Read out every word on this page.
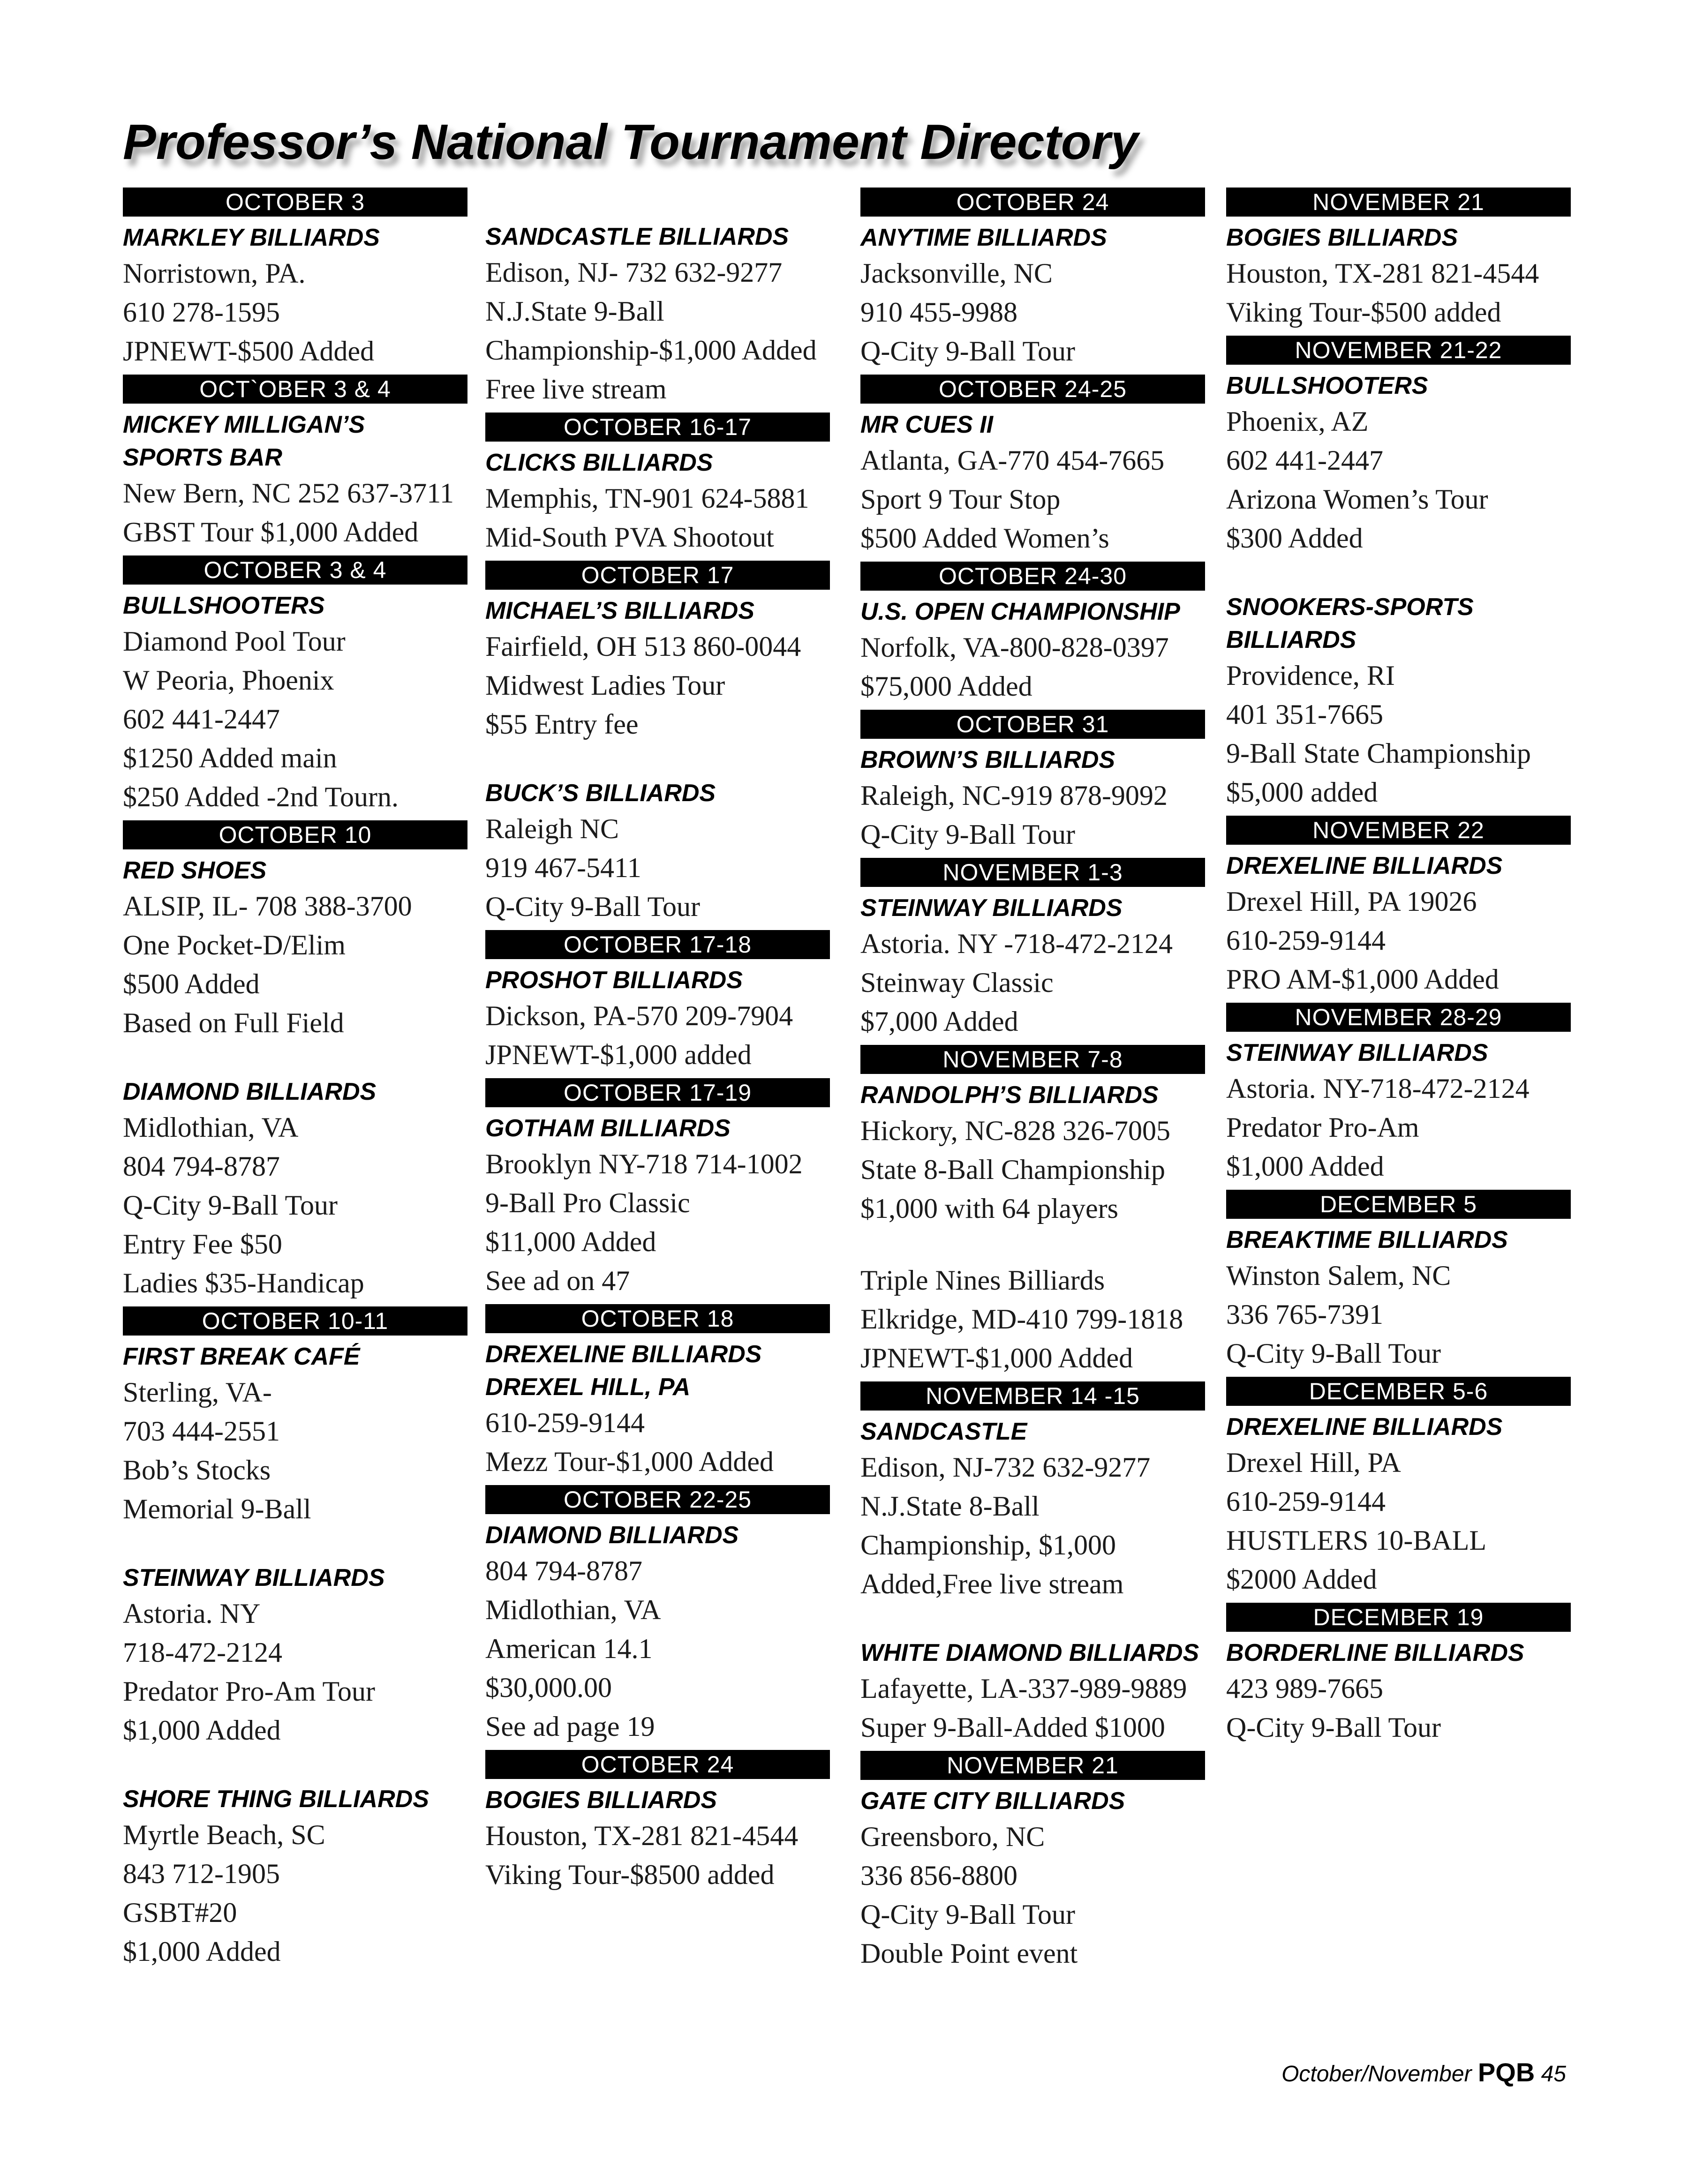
Professor’s National Tournament Directory
OCTOBER 3

MARKLEY BILLIARDS

Norristown, PA.

610 278-1595

JPNEWT-$500 Added

OCT`OBER 3 & 4

MICKEY MILLIGAN’S SPORTS BAR

New Bern, NC 252 637-3711

GBST Tour $1,000 Added

OCTOBER 3 & 4

BULLSHOOTERS

Diamond Pool Tour

W Peoria, Phoenix

602 441-2447

$1250 Added main

$250 Added -2nd Tourn.

OCTOBER 10

RED SHOES

ALSIP, IL- 708 388-3700

One Pocket-D/Elim

$500 Added

Based on Full Field

DIAMOND BILLIARDS

Midlothian, VA

804 794-8787

Q-City 9-Ball Tour

Entry Fee $50

Ladies $35-Handicap

OCTOBER 10-11

FIRST BREAK CAFÉ

Sterling, VA-

703 444-2551

Bob’s Stocks

Memorial 9-Ball

STEINWAY BILLIARDS

Astoria. NY

718-472-2124

Predator Pro-Am Tour

$1,000 Added

SHORE THING BILLIARDS

Myrtle Beach, SC

843 712-1905

GSBT#20

$1,000 Added

SANDCASTLE BILLIARDS

Edison, NJ- 732 632-9277

N.J.State 9-Ball

Championship-$1,000 Added

Free live stream

OCTOBER 16-17

CLICKS BILLIARDS

Memphis, TN-901 624-5881

Mid-South PVA Shootout

OCTOBER 17

MICHAEL’S BILLIARDS

Fairfield, OH 513 860-0044

Midwest Ladies Tour

$55 Entry fee

BUCK’S BILLIARDS

Raleigh NC

919 467-5411

Q-City 9-Ball Tour

OCTOBER 17-18

PROSHOT BILLIARDS

Dickson, PA-570 209-7904

JPNEWT-$1,000 added

OCTOBER 17-19

GOTHAM BILLIARDS

Brooklyn NY-718 714-1002

9-Ball Pro Classic

$11,000 Added

See ad on 47

OCTOBER 18

DREXELINE BILLIARDS DREXEL HILL, PA

610-259-9144

Mezz Tour-$1,000 Added

OCTOBER 22-25

DIAMOND BILLIARDS

804 794-8787

Midlothian, VA

American 14.1

$30,000.00

See ad page 19

OCTOBER 24

BOGIES BILLIARDS

Houston, TX-281 821-4544

Viking Tour-$8500 added

OCTOBER 24

ANYTIME BILLIARDS

Jacksonville, NC

910 455-9988

Q-City 9-Ball Tour

OCTOBER 24-25

MR CUES II

Atlanta, GA-770 454-7665

Sport 9 Tour Stop

$500 Added Women’s

OCTOBER 24-30

U.S. OPEN CHAMPIONSHIP

Norfolk, VA-800-828-0397

$75,000 Added

OCTOBER 31

BROWN’S BILLIARDS

Raleigh, NC-919 878-9092

Q-City 9-Ball Tour

NOVEMBER 1-3

STEINWAY BILLIARDS

Astoria. NY -718-472-2124

Steinway Classic

$7,000 Added

NOVEMBER 7-8

RANDOLPH’S BILLIARDS

Hickory, NC-828 326-7005

State 8-Ball Championship

$1,000 with 64 players

Triple Nines Billiards

Elkridge, MD-410 799-1818

JPNEWT-$1,000 Added

NOVEMBER 14 -15

SANDCASTLE

Edison, NJ-732 632-9277

N.J.State 8-Ball

Championship, $1,000

Added,Free live stream

WHITE DIAMOND BILLIARDS

Lafayette, LA-337-989-9889

Super 9-Ball-Added $1000

NOVEMBER 21

GATE CITY BILLIARDS

Greensboro, NC

336 856-8800

Q-City 9-Ball Tour

Double Point event

NOVEMBER 21

BOGIES BILLIARDS

Houston, TX-281 821-4544

Viking Tour-$500 added

NOVEMBER 21-22

BULLSHOOTERS

Phoenix, AZ

602 441-2447

Arizona Women’s Tour

$300 Added

SNOOKERS-SPORTS BILLIARDS

Providence, RI

401 351-7665

9-Ball State Championship

$5,000 added

NOVEMBER 22

DREXELINE BILLIARDS

Drexel Hill, PA 19026

610-259-9144

PRO AM-$1,000 Added

NOVEMBER 28-29

STEINWAY BILLIARDS

Astoria. NY-718-472-2124

Predator Pro-Am

$1,000 Added

DECEMBER 5

BREAKTIME BILLIARDS

Winston Salem, NC

336 765-7391

Q-City 9-Ball Tour

DECEMBER 5-6

DREXELINE BILLIARDS

Drexel Hill, PA

610-259-9144

HUSTLERS 10-BALL

$2000 Added

DECEMBER 19

BORDERLINE BILLIARDS

423 989-7665

Q-City 9-Ball Tour

October/November PQB 45
